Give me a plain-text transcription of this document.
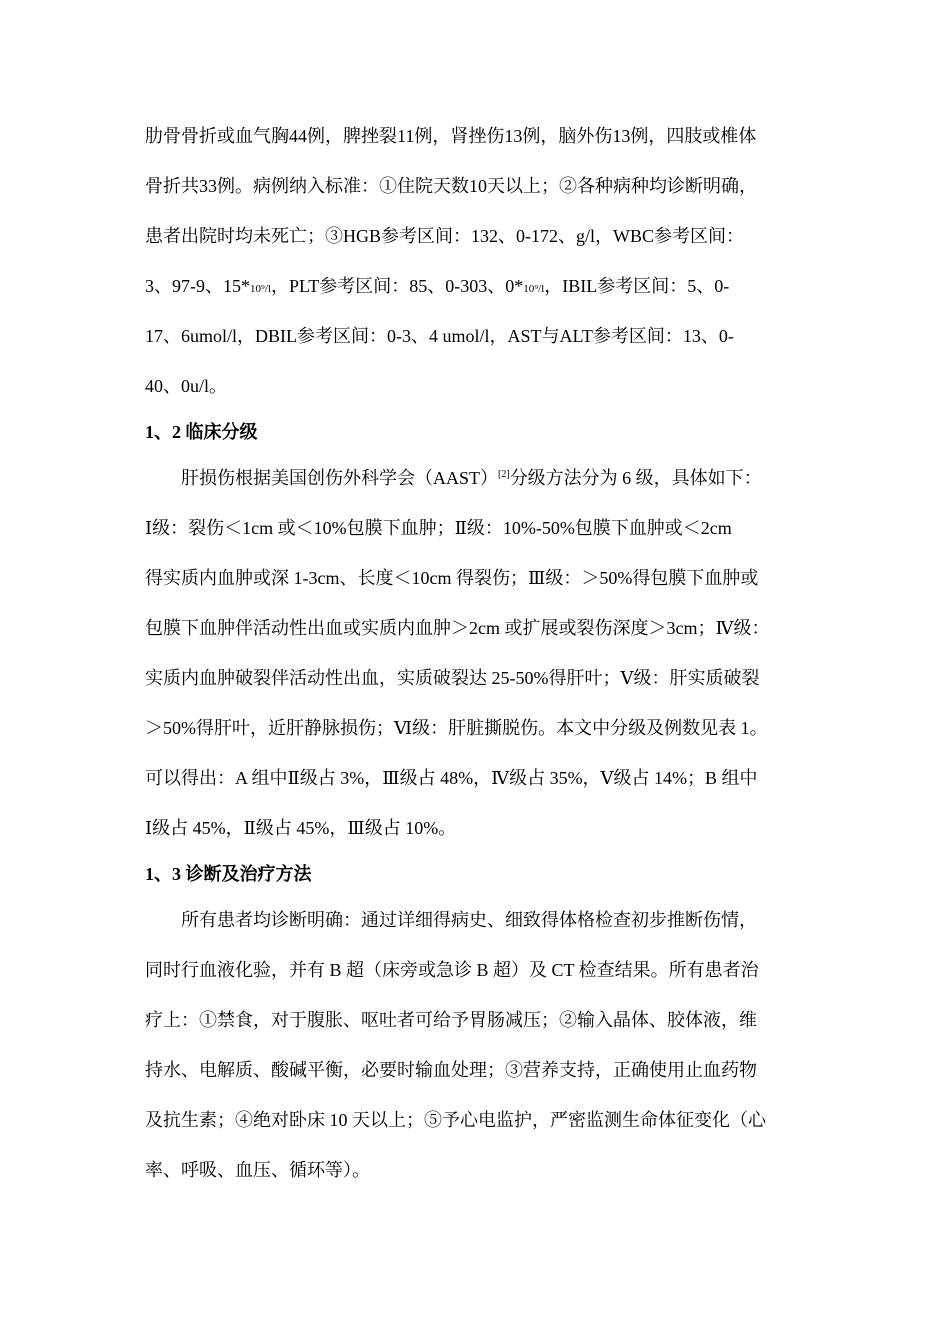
肋骨骨折或血气胸44例，脾挫裂11例，肾挫伤13例，脑外伤13例，四肢或椎体
骨折共33例。病例纳入标准：①住院天数10天以上；②各种病种均诊断明确，
患者出院时均未死亡；③HGB参考区间：132、0-172、g/l，WBC参考区间：
3、97-9、15*10⁹/l，PLT参考区间：85、0-303、0*10⁹/l，IBIL参考区间：5、0-
17、6umol/l，DBIL参考区间：0-3、4 umol/l，AST与ALT参考区间：13、0-
40、0u/l。
1、2 临床分级
肝损伤根据美国创伤外科学会（AAST）[2]分级方法分为 6 级，具体如下：
Ⅰ级：裂伤＜1cm 或＜10%包膜下血肿；Ⅱ级：10%-50%包膜下血肿或＜2cm
得实质内血肿或深 1-3cm、长度＜10cm 得裂伤；Ⅲ级：＞50%得包膜下血肿或
包膜下血肿伴活动性出血或实质内血肿＞2cm 或扩展或裂伤深度＞3cm；Ⅳ级：
实质内血肿破裂伴活动性出血，实质破裂达 25-50%得肝叶；Ⅴ级：肝实质破裂
＞50%得肝叶，近肝静脉损伤；Ⅵ级：肝脏撕脱伤。本文中分级及例数见表 1。
可以得出：A 组中Ⅱ级占 3%，Ⅲ级占 48%，Ⅳ级占 35%，Ⅴ级占 14%；B 组中
Ⅰ级占 45%，Ⅱ级占 45%，Ⅲ级占 10%。
1、3 诊断及治疗方法
所有患者均诊断明确：通过详细得病史、细致得体格检查初步推断伤情，
同时行血液化验，并有 B 超（床旁或急诊 B 超）及 CT 检查结果。所有患者治
疗上：①禁食，对于腹胀、呕吐者可给予胃肠减压；②输入晶体、胶体液，维
持水、电解质、酸碱平衡，必要时输血处理；③营养支持，正确使用止血药物
及抗生素；④绝对卧床 10 天以上；⑤予心电监护，严密监测生命体征变化（心
率、呼吸、血压、循环等）。
